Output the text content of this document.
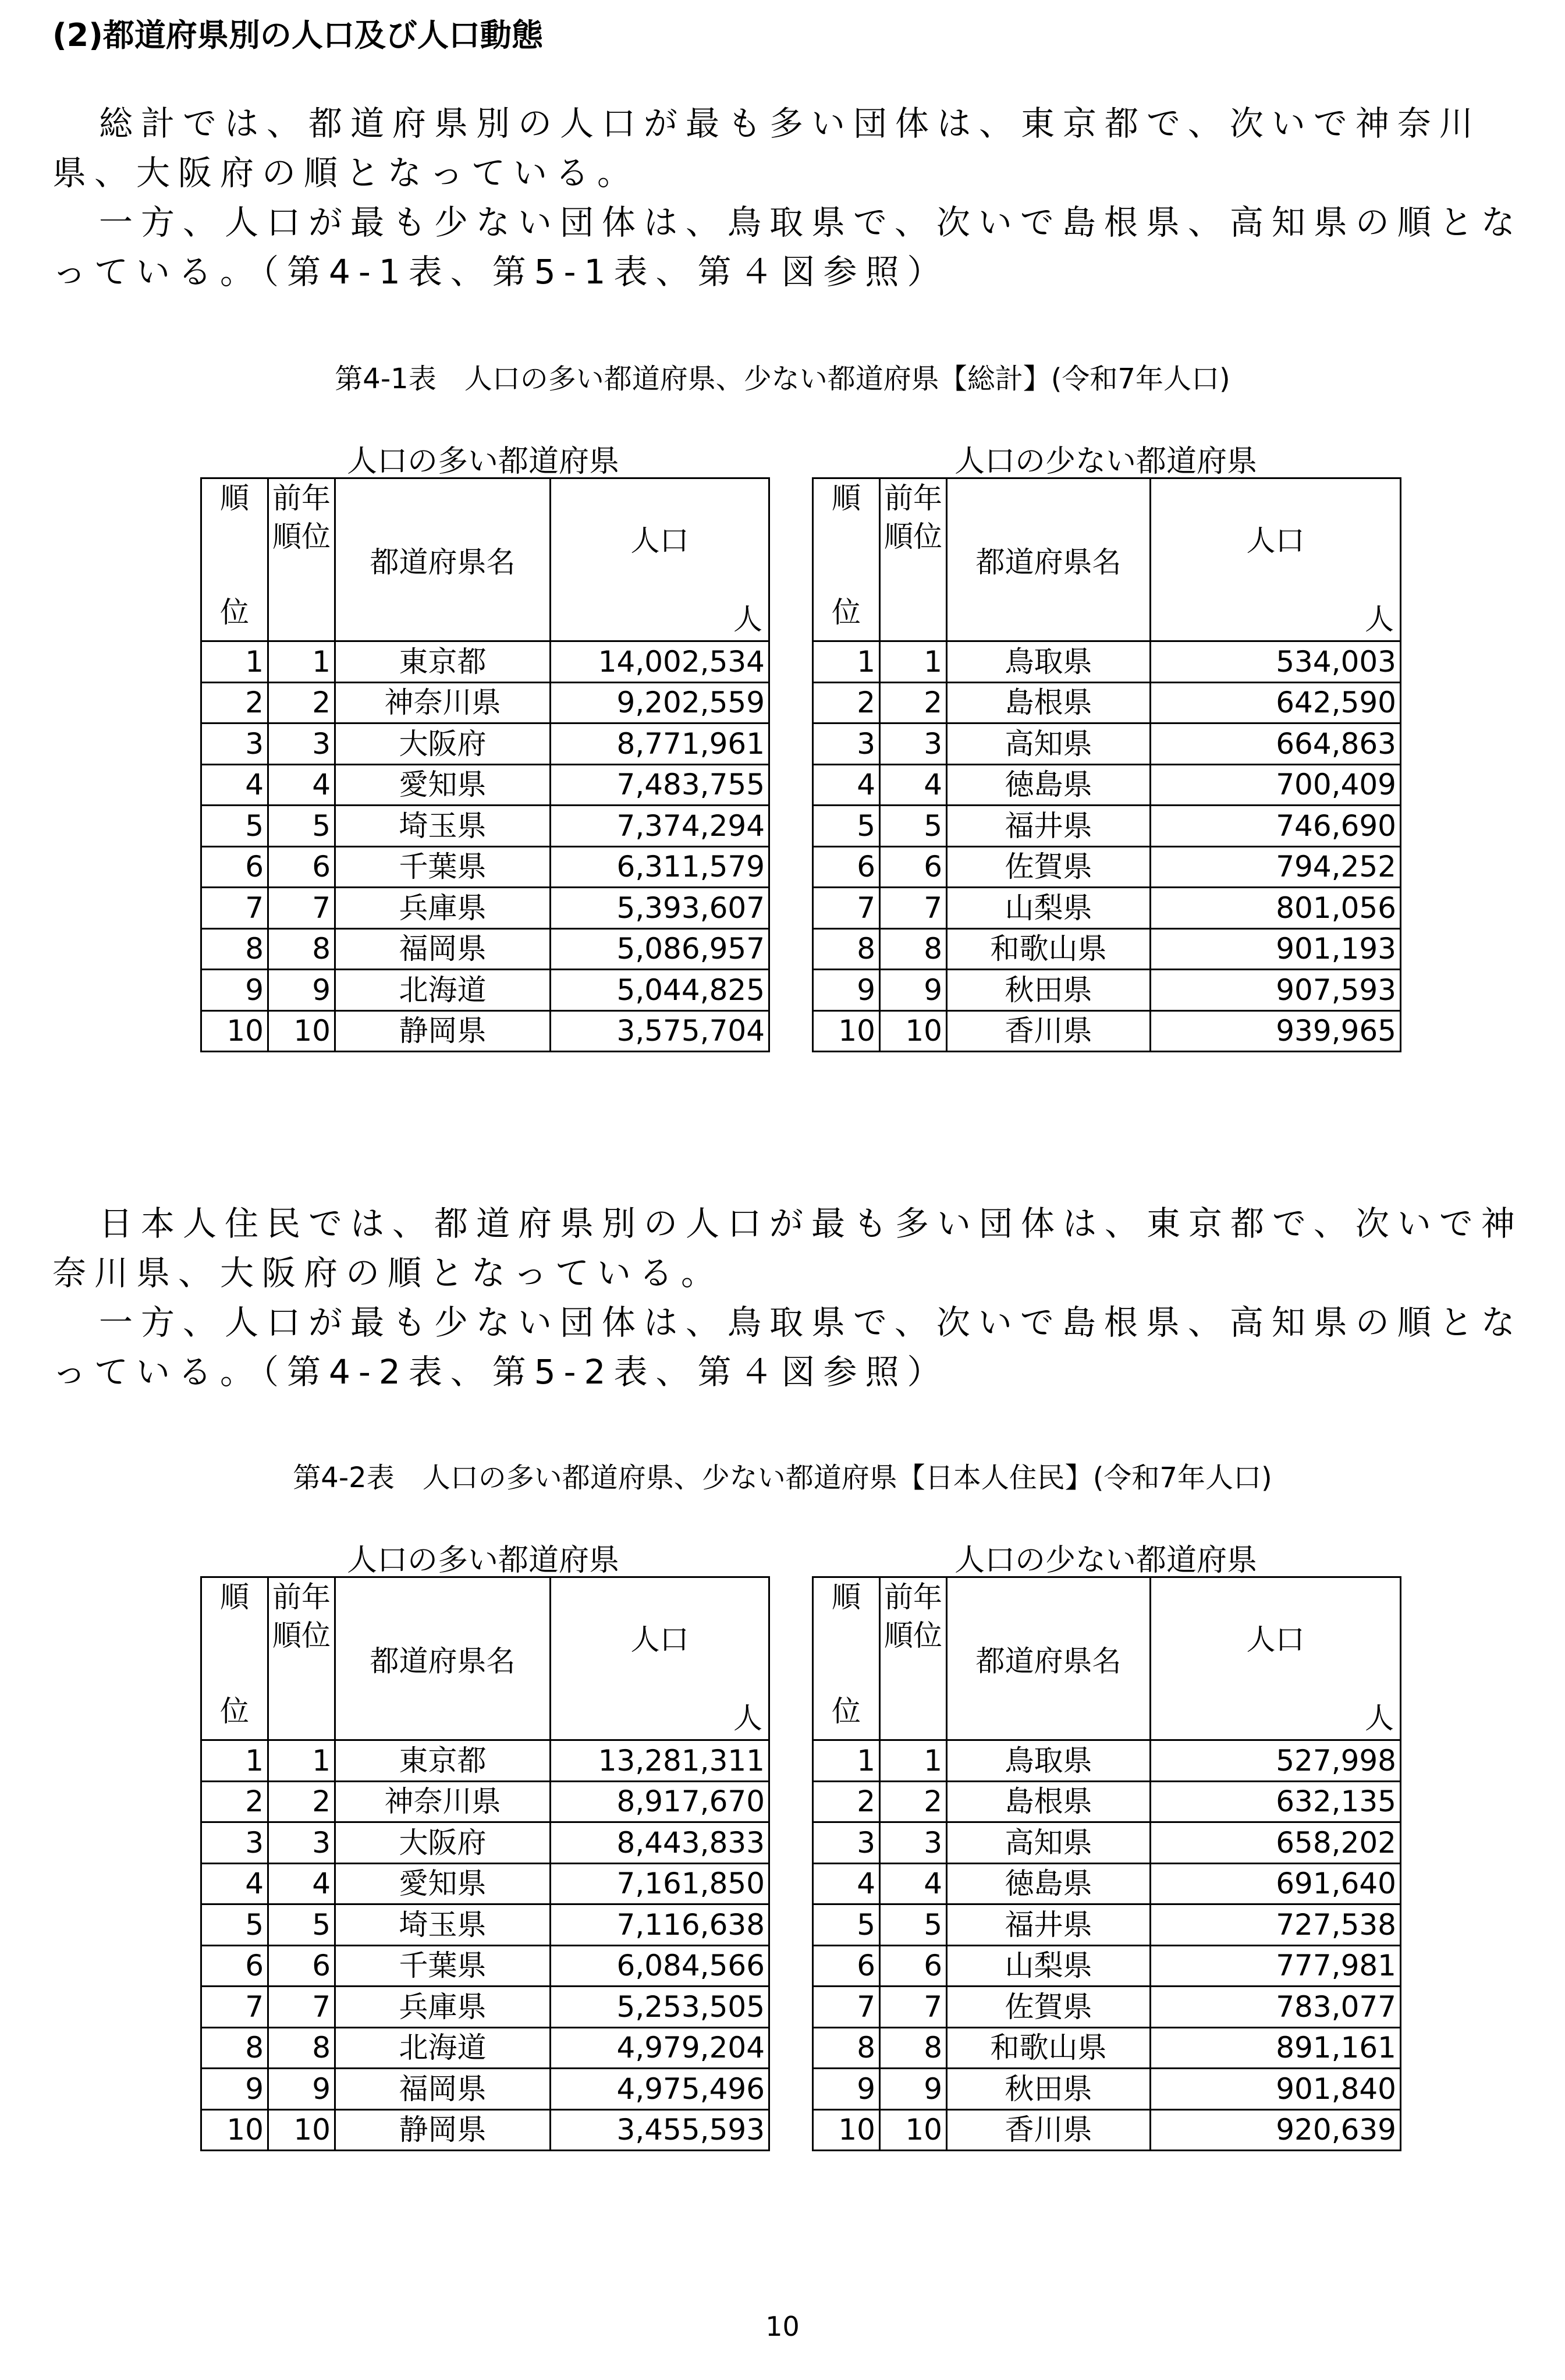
(2)都道府県別の人口及び人口動態

総計では、都道府県別の人口が最も多い団体は、東京都で、次いで神奈川県、大阪府の順となっている。

一方、人口が最も少ない団体は、鳥取県で、次いで島根県、高知県の順となっている。（第4-1表、第5-1表、第４図参照）

第4-1表　人口の多い都道府県、少ない都道府県【総計】(令和7年人口)
人口の多い都道府県	人口の少ない都道府県
順
位	前年順位	都道府県名	人口
人

1	1	東京都	14,002,534
2	2	神奈川県	9,202,559
3	3	大阪府	8,771,961
4	4	愛知県	7,483,755
5	5	埼玉県	7,374,294
6	6	千葉県	6,311,579
7	7	兵庫県	5,393,607
8	8	福岡県	5,086,957
9	9	北海道	5,044,825
10	10	静岡県	3,575,704
順
位	前年順位	都道府県名	人口
人

1	1	鳥取県	534,003
2	2	島根県	642,590
3	3	高知県	664,863
4	4	徳島県	700,409
5	5	福井県	746,690
6	6	佐賀県	794,252
7	7	山梨県	801,056
8	8	和歌山県	901,193
9	9	秋田県	907,593
10	10	香川県	939,965

日本人住民では、都道府県別の人口が最も多い団体は、東京都で、次いで神奈川県、大阪府の順となっている。

一方、人口が最も少ない団体は、鳥取県で、次いで島根県、高知県の順となっている。（第4-2表、第5-2表、第４図参照）

第4-2表　人口の多い都道府県、少ない都道府県【日本人住民】(令和7年人口)
人口の多い都道府県	人口の少ない都道府県
順
位	前年順位	都道府県名	人口
人

1	1	東京都	13,281,311
2	2	神奈川県	8,917,670
3	3	大阪府	8,443,833
4	4	愛知県	7,161,850
5	5	埼玉県	7,116,638
6	6	千葉県	6,084,566
7	7	兵庫県	5,253,505
8	8	北海道	4,979,204
9	9	福岡県	4,975,496
10	10	静岡県	3,455,593
順
位	前年順位	都道府県名	人口
人

1	1	鳥取県	527,998
2	2	島根県	632,135
3	3	高知県	658,202
4	4	徳島県	691,640
5	5	福井県	727,538
6	6	山梨県	777,981
7	7	佐賀県	783,077
8	8	和歌山県	891,161
9	9	秋田県	901,840
10	10	香川県	920,639
10
